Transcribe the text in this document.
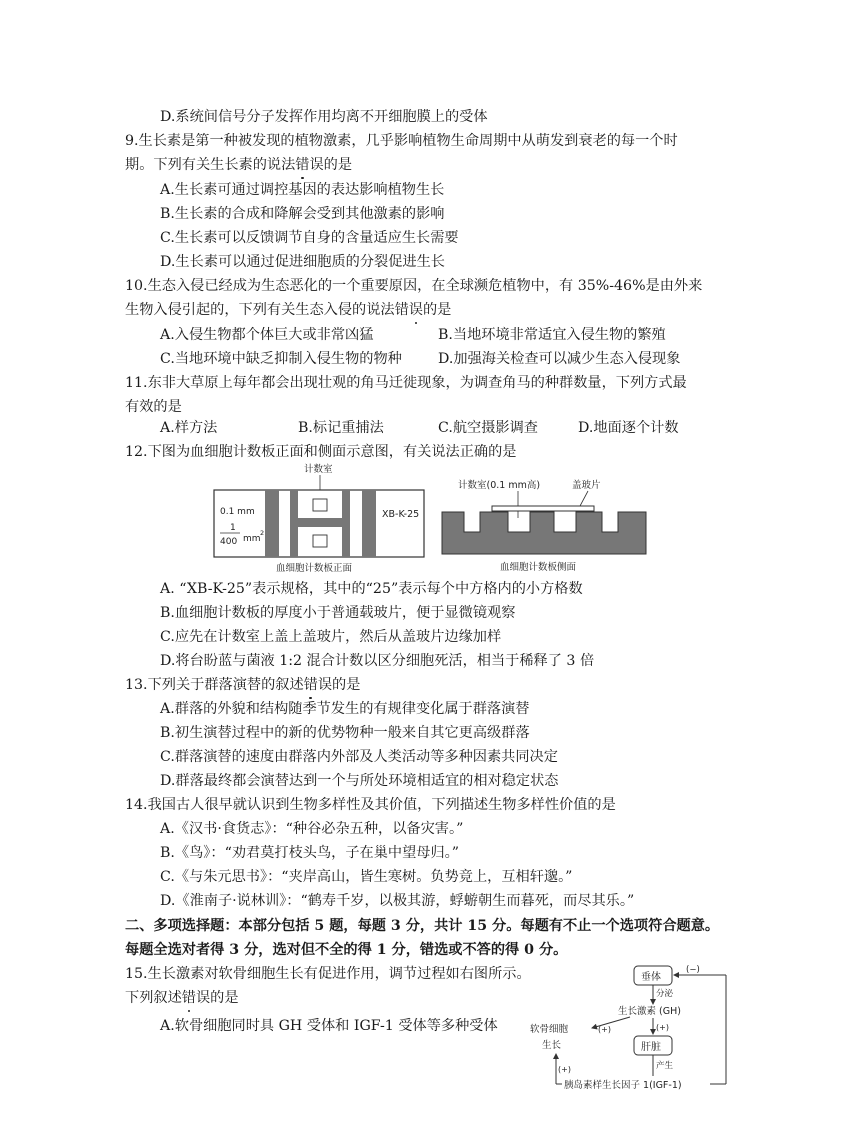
D.系统间信号分子发挥作用均离不开细胞膜上的受体
9.生长素是第一种被发现的植物激素，几乎影响植物生命周期中从萌发到衰老的每一个时
期。下列有关生长素的说法错误的是
A.生长素可通过调控基因的表达影响植物生长
B.生长素的合成和降解会受到其他激素的影响
C.生长素可以反馈调节自身的含量适应生长需要
D.生长素可以通过促进细胞质的分裂促进生长
10.生态入侵已经成为生态恶化的一个重要原因，在全球濒危植物中，有 35%-46%是由外来
生物入侵引起的，下列有关生态入侵的说法错误的是
A.入侵生物都个体巨大或非常凶猛	B.当地环境非常适宜入侵生物的繁殖
C.当地环境中缺乏抑制入侵生物的物种	D.加强海关检查可以减少生态入侵现象
11.东非大草原上每年都会出现壮观的角马迁徙现象，为调查角马的种群数量，下列方式最
有效的是
A.样方法	B.标记重捕法	C.航空摄影调查	D.地面逐个计数
12.下图为血细胞计数板正面和侧面示意图，有关说法正确的是
计数室
0.1 mm
1
400 mm
2
XB-K-25
血细胞计数板正面
计数室(0.1 mm高)	盖玻片
血细胞计数板侧面
A. “XB-K-25”表示规格，其中的“25”表示每个中方格内的小方格数
B.血细胞计数板的厚度小于普通载玻片，便于显微镜观察
C.应先在计数室上盖上盖玻片，然后从盖玻片边缘加样
D.将台盼蓝与菌液 1:2 混合计数以区分细胞死活，相当于稀释了 3 倍
13.下列关于群落演替的叙述错误的是
A.群落的外貌和结构随季节发生的有规律变化属于群落演替
B.初生演替过程中的新的优势物种一般来自其它更高级群落
C.群落演替的速度由群落内外部及人类活动等多种因素共同决定
D.群落最终都会演替达到一个与所处环境相适宜的相对稳定状态
14.我国古人很早就认识到生物多样性及其价值，下列描述生物多样性价值的是
A.《汉书·食货志》：“种谷必杂五种，以备灾害。”
B.《鸟》：“劝君莫打枝头鸟，子在巢中望母归。”
C.《与朱元思书》：“夹岸高山，皆生寒树。负势竞上，互相轩邈。”
D.《淮南子·说林训》：“鹤寿千岁，以极其游，蜉蝣朝生而暮死，而尽其乐。”
二、多项选择题：本部分包括 5 题，每题 3 分，共计 15 分。每题有不止一个选项符合题意。
每题全选对者得 3 分，选对但不全的得 1 分，错选或不答的得 0 分。
15.生长激素对软骨细胞生长有促进作用，调节过程如右图所示。
下列叙述错误的是
A.软骨细胞同时具 GH 受体和 IGF-1 受体等多种受体
垂体
(−)
分泌
生长激素 (GH)
(+)	(+)
软骨细胞
生长	肝脏
产生
胰岛素样生长因子 1(IGF-1)
(+)
